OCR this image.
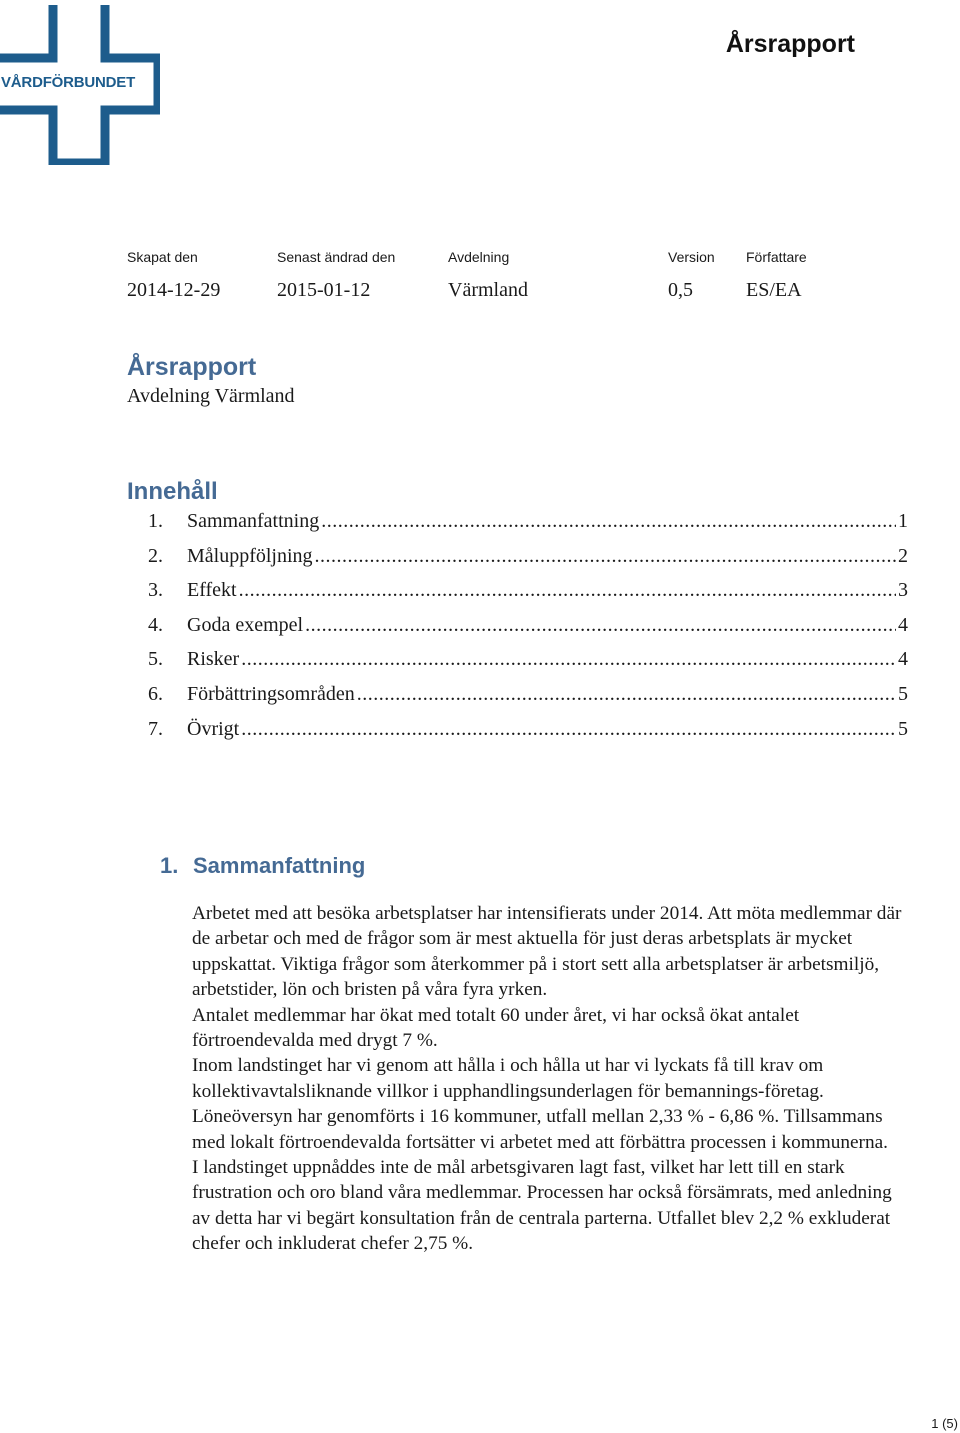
VÅRDFÖRBUNDET
Årsrapport
Skapat den	Senast ändrad den	Avdelning	Version Författare
2014-12-29	2015-01-12	Värmland	0,5	ES/EA
Årsrapport
Avdelning Värmland
Innehåll
1.	Sammanfattning .....	1
2.	Måluppföljning .....	2
3.	Effekt .....	3
4.	Goda exempel .....	4
5.	Risker .....	4
6.	Förbättringsområden .....	5
7.	Övrigt .....	5
1. Sammanfattning

Arbetet med att besöka arbetsplatser har intensifierats under 2014. Att möta medlemmar där de arbetar och med de frågor som är mest aktuella för just deras arbetsplats är mycket uppskattat. Viktiga frågor som återkommer på i stort sett alla arbetsplatser är arbetsmiljö, arbetstider, lön och bristen på våra fyra yrken.

Antalet medlemmar har ökat med totalt 60 under året, vi har också ökat antalet förtroendevalda med drygt 7 %.

Inom landstinget har vi genom att hålla i och hålla ut har vi lyckats få till krav om kollektivavtalsliknande villkor i upphandlingsunderlagen för bemannings-företag.

Löneöversyn har genomförts i 16 kommuner, utfall mellan 2,33 % - 6,86 %. Tillsammans med lokalt förtroendevalda fortsätter vi arbetet med att förbättra processen i kommunerna.

I landstinget uppnåddes inte de mål arbetsgivaren lagt fast, vilket har lett till en stark frustration och oro bland våra medlemmar. Processen har också försämrats, med anledning av detta har vi begärt konsultation från de centrala parterna. Utfallet blev 2,2 % exkluderat chefer och inkluderat chefer 2,75 %.

1 (5)
